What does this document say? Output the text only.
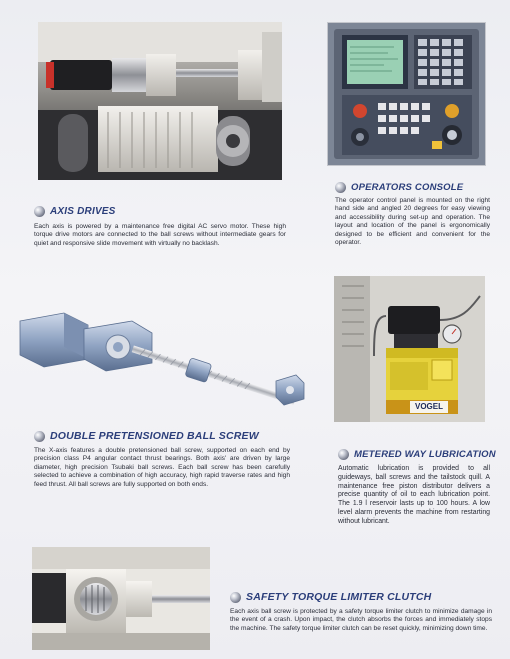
OPERATORS CONSOLE
The operator control panel is mounted on the right hand side and angled 20 degrees for easy viewing and accessibility during set-up and operation. The layout and location of the panel is ergonomically designed to be efficient and convenient for the operator.
AXIS DRIVES
Each axis is powered by a maintenance free digital AC servo motor. These high torque drive motors are connected to the ball screws without intermediate gears for quiet and responsive slide movement with virtually no backlash.
VOGEL
DOUBLE PRETENSIONED BALL SCREW
The X-axis features a double pretensioned ball screw, supported on each end by precision class P4 angular contact thrust bearings. Both axis' are driven by large diameter, high precision Tsubaki ball screws. Each ball screw has been carefully selected to achieve a combination of high accuracy, high rapid traverse rates and high feed thrust. All ball screws are fully supported on both ends.
METERED WAY LUBRICATION
Automatic lubrication is provided to all guideways, ball screws and the tailstock quill. A maintenance free piston distributor delivers a precise quantity of oil to each lubrication point. The 1.9 l reservoir lasts up to 100 hours. A low level alarm prevents the machine from restarting without lubricant.
SAFETY TORQUE LIMITER CLUTCH
Each axis ball screw is protected by a safety torque limiter clutch to minimize damage in the event of a crash. Upon impact, the clutch absorbs the forces and immediately stops the machine. The safety torque limiter clutch can be reset quickly, minimizing down time.
